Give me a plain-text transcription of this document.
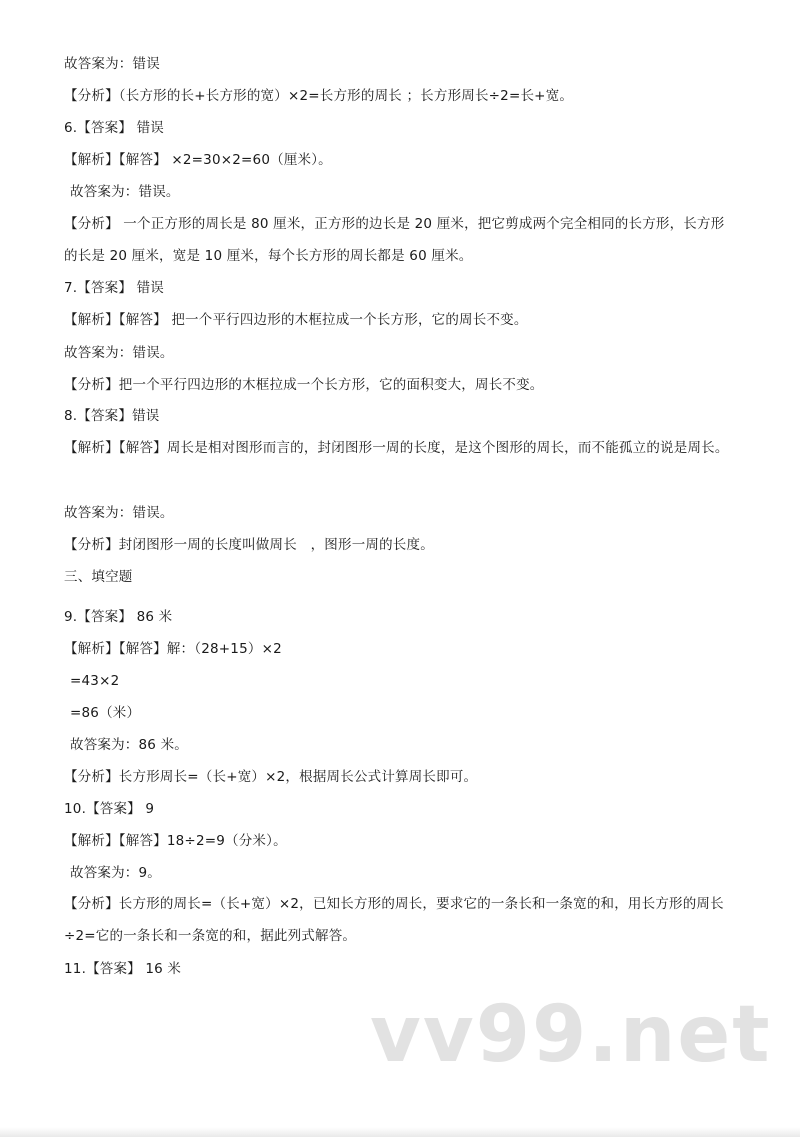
故答案为：错误
【分析】（长方形的长+长方形的宽）×2=长方形的周长 ；长方形周长÷2=长+宽。
6.【答案】 错误
【解析】【解答】 ×2=30×2=60（厘米）。
故答案为：错误。
【分析】 一个正方形的周长是 80 厘米，正方形的边长是 20 厘米，把它剪成两个完全相同的长方形，长方形的长是 20 厘米，宽是 10 厘米，每个长方形的周长都是 60 厘米。
7.【答案】 错误
【解析】【解答】 把一个平行四边形的木框拉成一个长方形，它的周长不变。
故答案为：错误。
【分析】把一个平行四边形的木框拉成一个长方形，它的面积变大，周长不变。
8.【答案】错误
【解析】【解答】周长是相对图形而言的，封闭图形一周的长度，是这个图形的周长，而不能孤立的说是周长。
故答案为：错误。
【分析】封闭图形一周的长度叫做周长　，图形一周的长度。
三、填空题
9.【答案】 86 米
【解析】【解答】解：（28+15）×2
=43×2
=86（米）
故答案为：86 米。
【分析】长方形周长=（长+宽）×2，根据周长公式计算周长即可。
10.【答案】 9
【解析】【解答】18÷2=9（分米）。
故答案为：9。
【分析】长方形的周长=（长+宽）×2，已知长方形的周长，要求它的一条长和一条宽的和，用长方形的周长÷2=它的一条长和一条宽的和，据此列式解答。
11.【答案】 16 米
vv99.net
